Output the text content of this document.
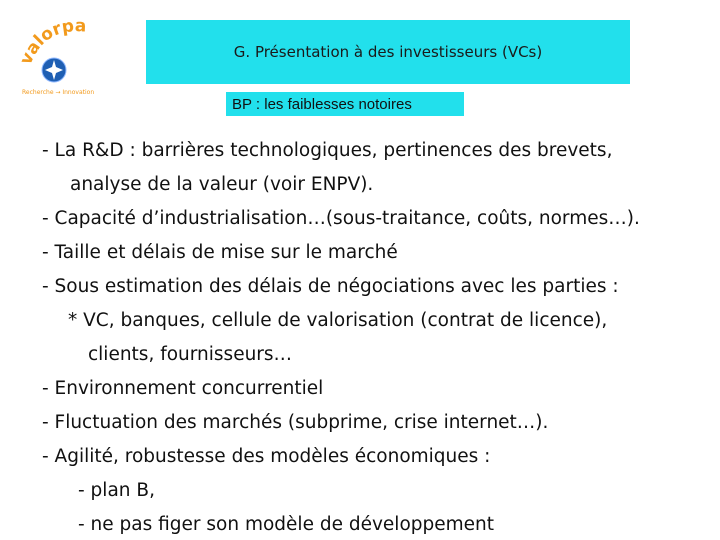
valorpa
Recherche → Innovation
G. Présentation à des investisseurs (VCs)
BP : les faiblesses notoires
- La R&D : barrières technologiques, pertinences des brevets,
analyse de la valeur (voir ENPV).
- Capacité d’industrialisation…(sous-traitance, coûts, normes…).
- Taille et délais de mise sur le marché
- Sous estimation des délais de négociations avec les parties :
* VC, banques, cellule de valorisation (contrat de licence),
clients, fournisseurs…
- Environnement concurrentiel
- Fluctuation des marchés (subprime, crise internet…).
- Agilité, robustesse des modèles économiques :
- plan B,
- ne pas figer son modèle de développement
